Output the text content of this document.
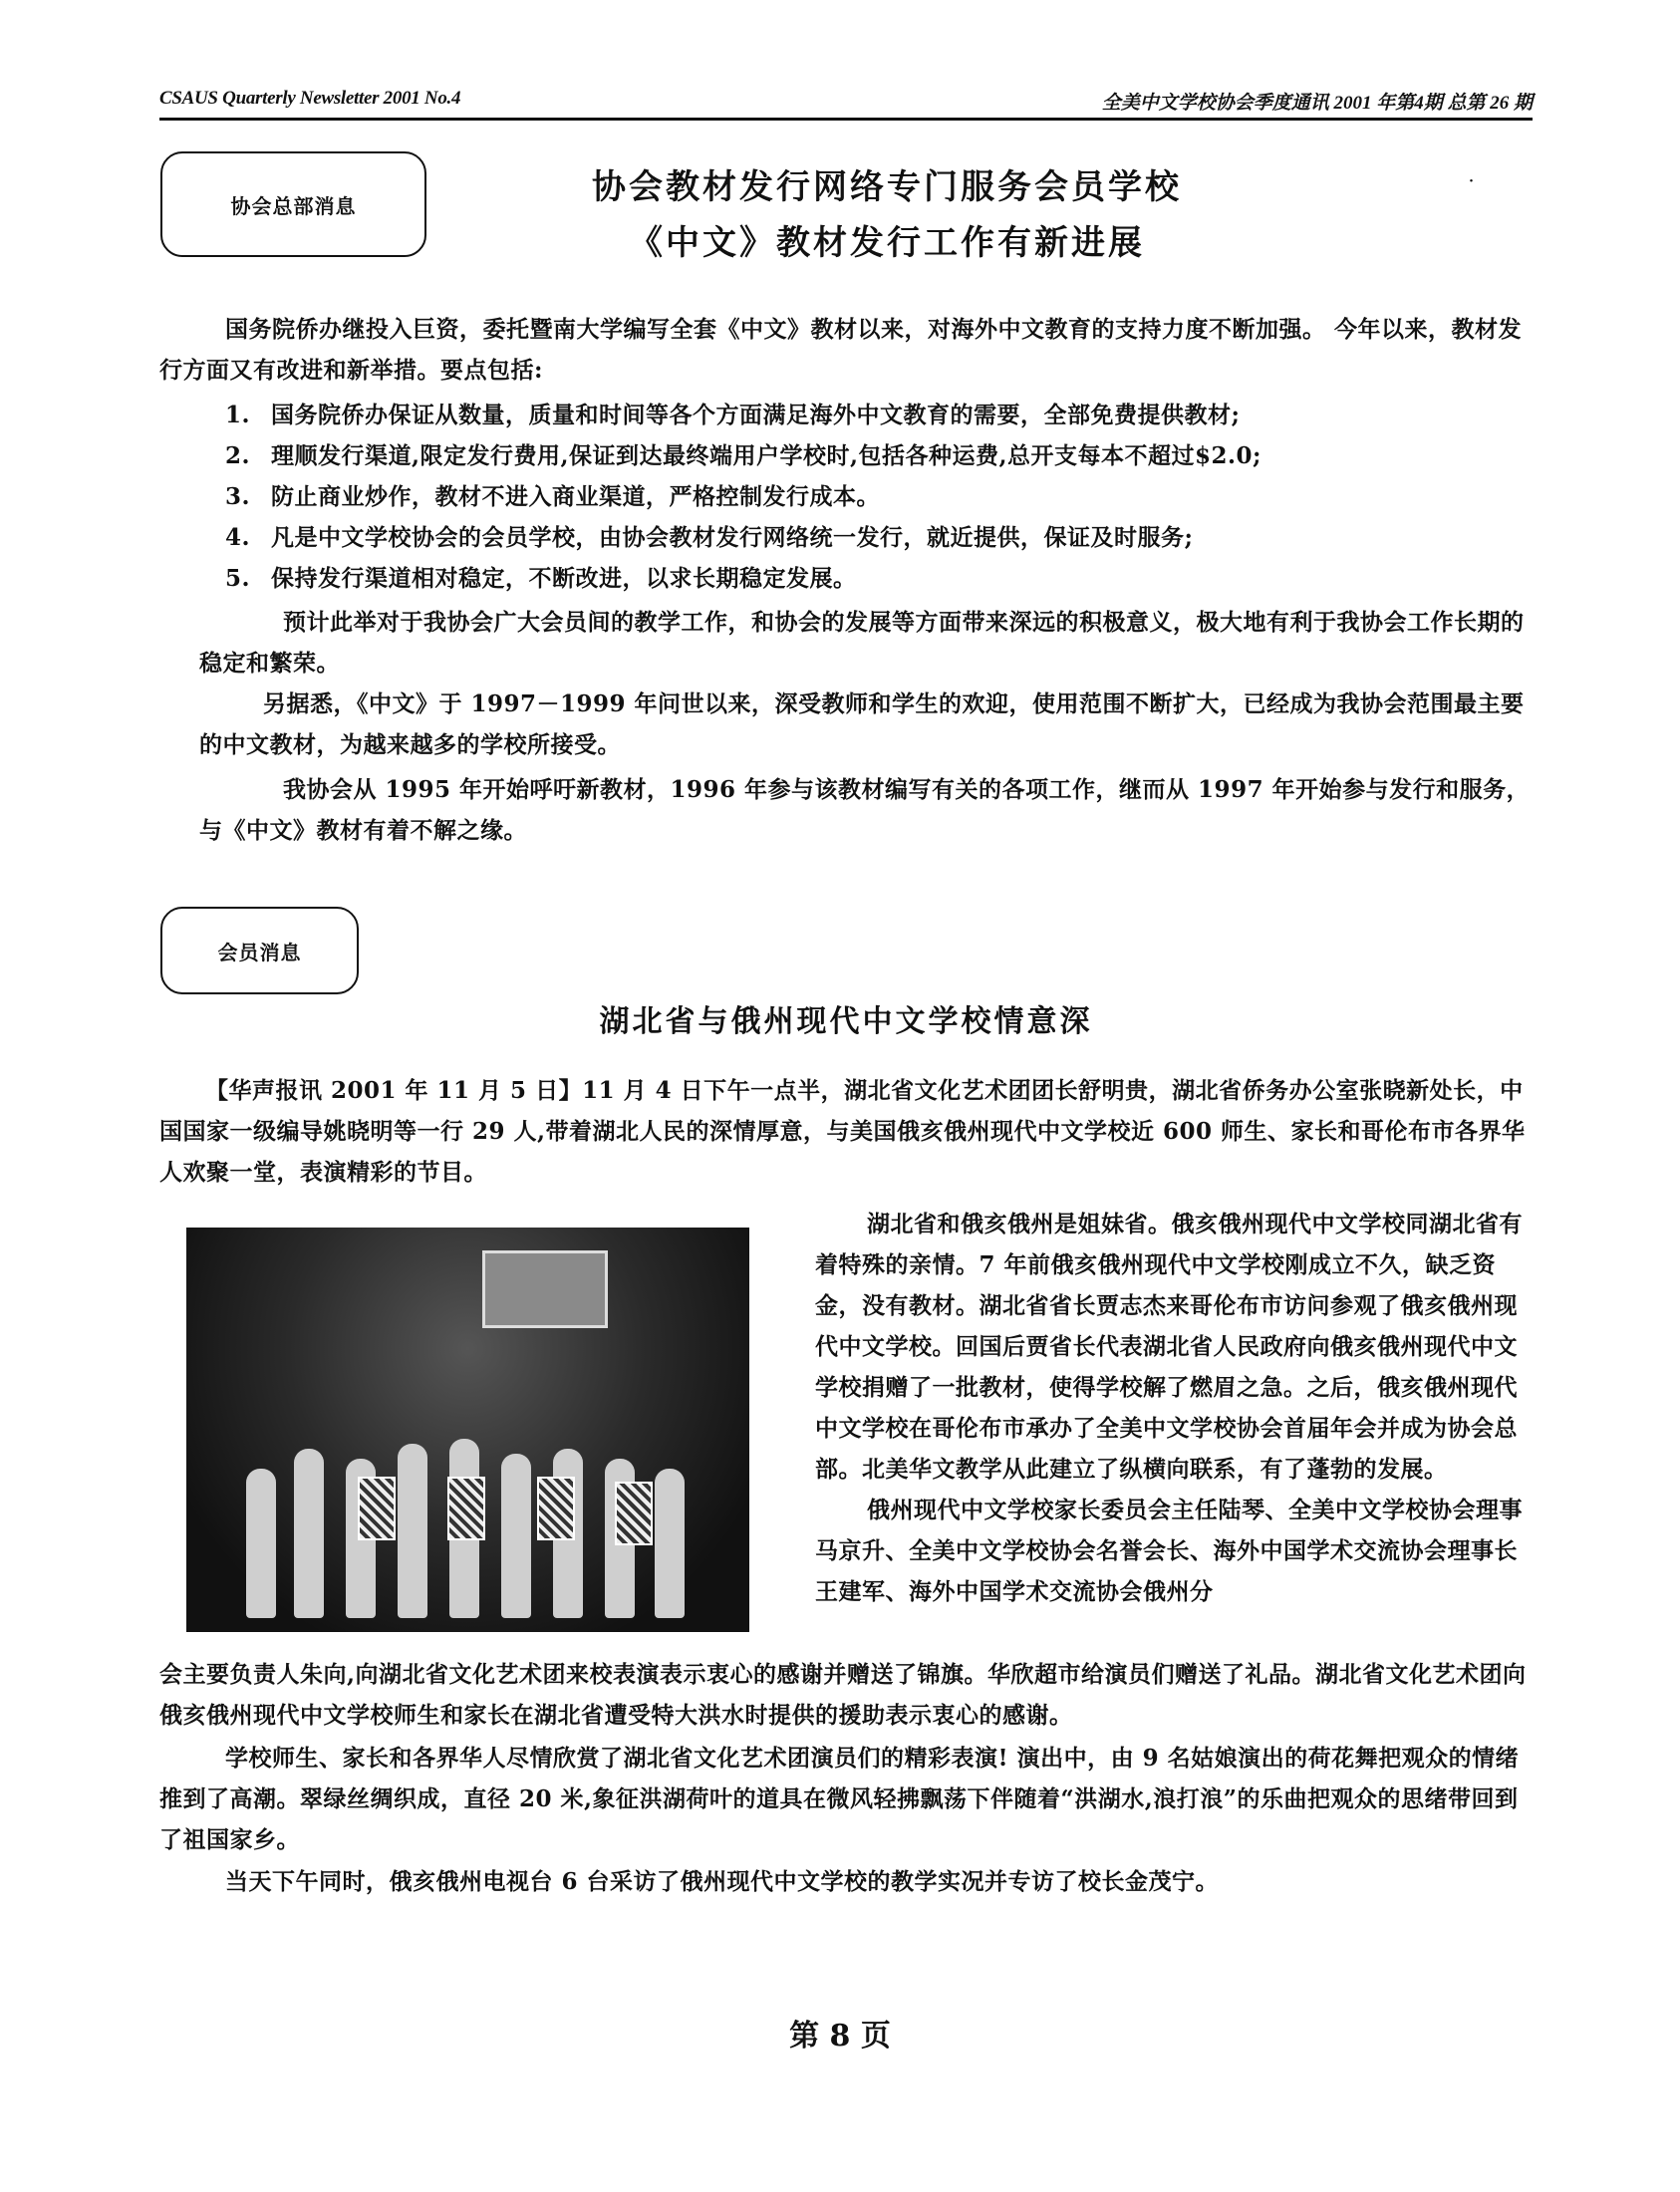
CSAUS Quarterly Newsletter 2001 No.4	全美中文学校协会季度通讯 2001 年第4期 总第 26 期
协会总部消息	协会教材发行网络专门服务会员学校
《中文》教材发行工作有新进展
˙
国务院侨办继投入巨资，委托暨南大学编写全套《中文》教材以来，对海外中文教育的支持力度不断加强。 今年以来，教材发行方面又有改进和新举措。要点包括:
1. 国务院侨办保证从数量，质量和时间等各个方面满足海外中文教育的需要，全部免费提供教材;
2. 理顺发行渠道,限定发行费用,保证到达最终端用户学校时,包括各种运费,总开支每本不超过$2.0;
3. 防止商业炒作，教材不进入商业渠道，严格控制发行成本。
4. 凡是中文学校协会的会员学校，由协会教材发行网络统一发行，就近提供，保证及时服务;
5. 保持发行渠道相对稳定，不断改进，以求长期稳定发展。
预计此举对于我协会广大会员间的教学工作，和协会的发展等方面带来深远的积极意义，极大地有利于我协会工作长期的稳定和繁荣。
另据悉，《中文》于 1997－1999 年问世以来，深受教师和学生的欢迎，使用范围不断扩大，已经成为我协会范围最主要的中文教材，为越来越多的学校所接受。
我协会从 1995 年开始呼吁新教材，1996 年参与该教材编写有关的各项工作，继而从 1997 年开始参与发行和服务，与《中文》教材有着不解之缘。
会员消息
湖北省与俄州现代中文学校情意深
【华声报讯 2001 年 11 月 5 日】11 月 4 日下午一点半，湖北省文化艺术团团长舒明贵，湖北省侨务办公室张晓新处长，中国国家一级编导姚晓明等一行 29 人,带着湖北人民的深情厚意，与美国俄亥俄州现代中文学校近 600 师生、家长和哥伦布市各界华人欢聚一堂，表演精彩的节目。
湖北省和俄亥俄州是姐妹省。俄亥俄州现代中文学校同湖北省有着特殊的亲情。7 年前俄亥俄州现代中文学校刚成立不久，缺乏资金，没有教材。湖北省省长贾志杰来哥伦布市访问参观了俄亥俄州现代中文学校。回国后贾省长代表湖北省人民政府向俄亥俄州现代中文学校捐赠了一批教材，使得学校解了燃眉之急。之后，俄亥俄州现代中文学校在哥伦布市承办了全美中文学校协会首届年会并成为协会总部。北美华文教学从此建立了纵横向联系，有了蓬勃的发展。
俄州现代中文学校家长委员会主任陆琴、全美中文学校协会理事马京升、全美中文学校协会名誉会长、海外中国学术交流协会理事长王建军、海外中国学术交流协会俄州分
会主要负责人朱向,向湖北省文化艺术团来校表演表示衷心的感谢并赠送了锦旗。华欣超市给演员们赠送了礼品。湖北省文化艺术团向俄亥俄州现代中文学校师生和家长在湖北省遭受特大洪水时提供的援助表示衷心的感谢。
学校师生、家长和各界华人尽情欣赏了湖北省文化艺术团演员们的精彩表演! 演出中，由 9 名姑娘演出的荷花舞把观众的情绪推到了高潮。翠绿丝绸织成，直径 20 米,象征洪湖荷叶的道具在微风轻拂飘荡下伴随着“洪湖水,浪打浪”的乐曲把观众的思绪带回到了祖国家乡。
当天下午同时，俄亥俄州电视台 6 台采访了俄州现代中文学校的教学实况并专访了校长金茂宁。
第 8 页
